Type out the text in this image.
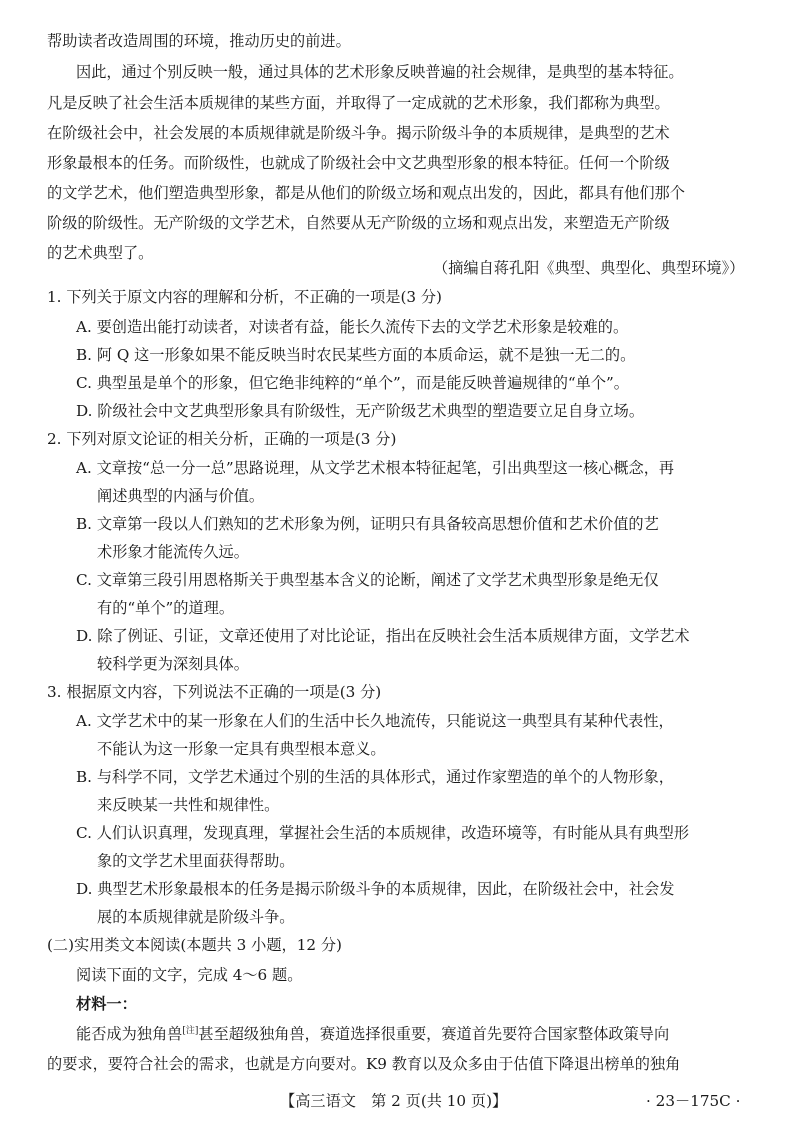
帮助读者改造周围的环境，推动历史的前进。
因此，通过个别反映一般，通过具体的艺术形象反映普遍的社会规律，是典型的基本特征。
凡是反映了社会生活本质规律的某些方面，并取得了一定成就的艺术形象，我们都称为典型。
在阶级社会中，社会发展的本质规律就是阶级斗争。揭示阶级斗争的本质规律，是典型的艺术
形象最根本的任务。而阶级性，也就成了阶级社会中文艺典型形象的根本特征。任何一个阶级
的文学艺术，他们塑造典型形象，都是从他们的阶级立场和观点出发的，因此，都具有他们那个
阶级的阶级性。无产阶级的文学艺术，自然要从无产阶级的立场和观点出发，来塑造无产阶级
的艺术典型了。
（摘编自蒋孔阳《典型、典型化、典型环境》）
1. 下列关于原文内容的理解和分析，不正确的一项是(3 分)
A. 要创造出能打动读者，对读者有益，能长久流传下去的文学艺术形象是较难的。
B. 阿 Q 这一形象如果不能反映当时农民某些方面的本质命运，就不是独一无二的。
C. 典型虽是单个的形象，但它绝非纯粹的“单个”，而是能反映普遍规律的“单个”。
D. 阶级社会中文艺典型形象具有阶级性，无产阶级艺术典型的塑造要立足自身立场。
2. 下列对原文论证的相关分析，正确的一项是(3 分)
A. 文章按“总一分一总”思路说理，从文学艺术根本特征起笔，引出典型这一核心概念，再
阐述典型的内涵与价值。
B. 文章第一段以人们熟知的艺术形象为例，证明只有具备较高思想价值和艺术价值的艺
术形象才能流传久远。
C. 文章第三段引用恩格斯关于典型基本含义的论断，阐述了文学艺术典型形象是绝无仅
有的“单个”的道理。
D. 除了例证、引证，文章还使用了对比论证，指出在反映社会生活本质规律方面，文学艺术
较科学更为深刻具体。
3. 根据原文内容，下列说法不正确的一项是(3 分)
A. 文学艺术中的某一形象在人们的生活中长久地流传，只能说这一典型具有某种代表性，
不能认为这一形象一定具有典型根本意义。
B. 与科学不同，文学艺术通过个别的生活的具体形式，通过作家塑造的单个的人物形象，
来反映某一共性和规律性。
C. 人们认识真理，发现真理，掌握社会生活的本质规律，改造环境等，有时能从具有典型形
象的文学艺术里面获得帮助。
D. 典型艺术形象最根本的任务是揭示阶级斗争的本质规律，因此，在阶级社会中，社会发
展的本质规律就是阶级斗争。
(二)实用类文本阅读(本题共 3 小题，12 分)
阅读下面的文字，完成 4～6 题。
材料一：
能否成为独角兽[注]甚至超级独角兽，赛道选择很重要，赛道首先要符合国家整体政策导向
的要求，要符合社会的需求，也就是方向要对。K9 教育以及众多由于估值下降退出榜单的独角
【高三语文　第 2 页(共 10 页)】	· 23－175C ·
